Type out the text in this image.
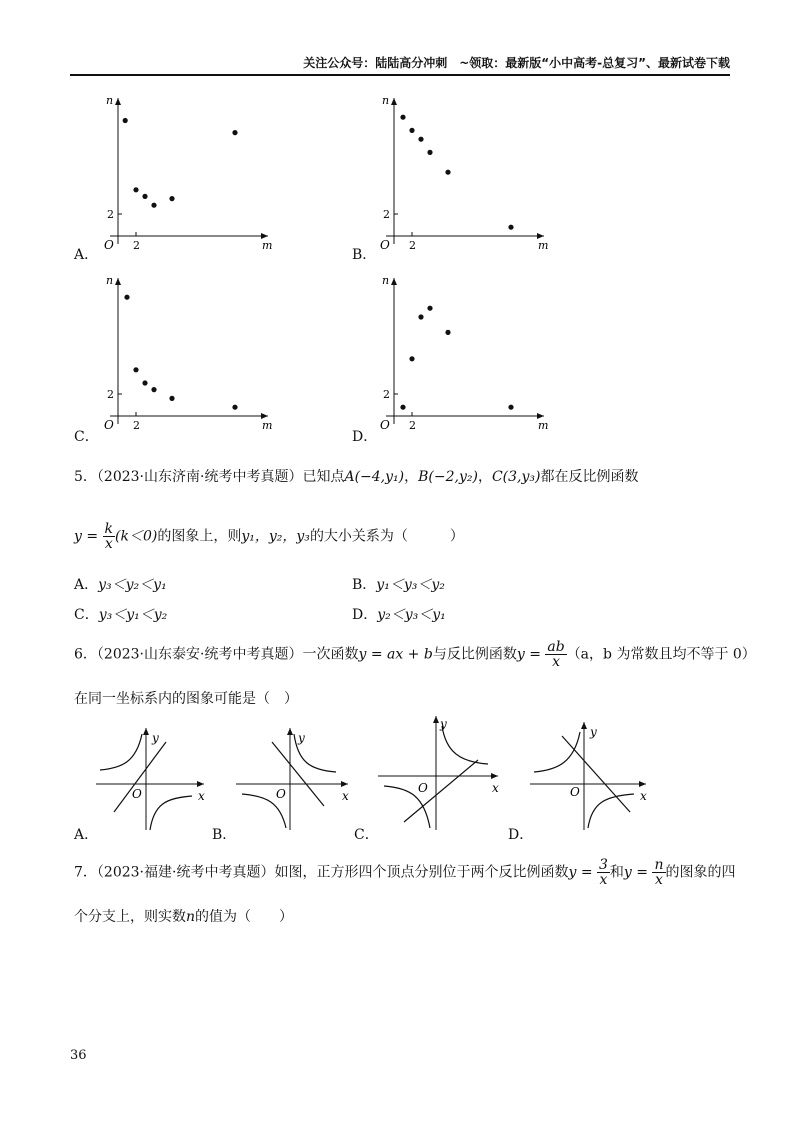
关注公众号：陆陆高分冲刺　~领取：最新版“小中高考-总复习”、最新试卷下载
n
m
O 2
2
n
m
O 2
2
n
m
O 2
2
n
m
O 2
2
A．	B．
C．	D．
5．（2023·山东济南·统考中考真题）已知点A(−4,y₁)，B(−2,y₂)，C(3,y₃)都在反比例函数
$y = \frac{k}{x} (k<0)$的图象上，则y₁，y₂，y₃的大小关系为（　　　）
A．y₃＜y₂＜y₁	B．y₁＜y₃＜y₂
C．y₃＜y₁＜y₂	D．y₂＜y₃＜y₁
6．（2023·山东泰安·统考中考真题）一次函数y = ax + b与反比例函数$y = \frac{ab}{x} (a$，b 为常数且均不等于 0）
在同一坐标系内的图象可能是（　）
y
x
O
y
x
O
y
x
O
y
x
O
A．	B．	C．	D．
7．（2023·福建·统考中考真题）如图，正方形四个顶点分别位于两个反比例函数$y = \frac{3}{x}$ 和$y = \frac{n}{x}$ 的图象的四
个分支上，则实数n的值为（　　）
36
